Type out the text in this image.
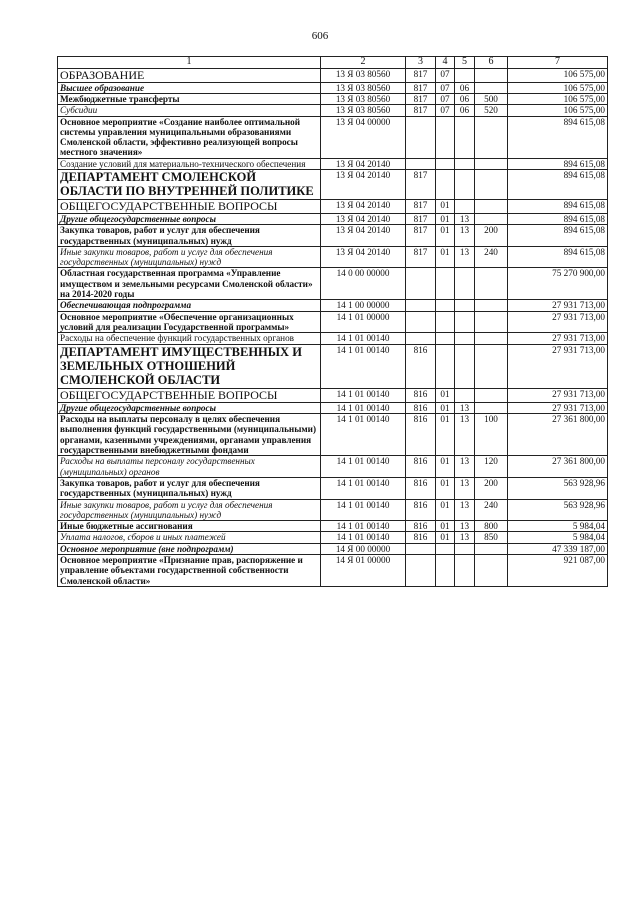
606
1	2	3	4	5	6	7
ОБРАЗОВАНИЕ	13 Я 03 80560	817	07			106 575,00
Высшее образование	13 Я 03 80560	817	07	06		106 575,00
Межбюджетные трансферты	13 Я 03 80560	817	07	06	500	106 575,00
Субсидии	13 Я 03 80560	817	07	06	520	106 575,00
Основное мероприятие «Создание наиболее оптимальной системы управления муниципальными образованиями Смоленской области, эффективно реализующей вопросы местного значения»	13 Я 04 00000					894 615,08
Создание условий для материально-технического обеспечения	13 Я 04 20140					894 615,08
ДЕПАРТАМЕНТ СМОЛЕНСКОЙ ОБЛАСТИ ПО ВНУТРЕННЕЙ ПОЛИТИКЕ	13 Я 04 20140	817				894 615,08
ОБЩЕГОСУДАРСТВЕННЫЕ ВОПРОСЫ	13 Я 04 20140	817	01			894 615,08
Другие общегосударственные вопросы	13 Я 04 20140	817	01	13		894 615,08
Закупка товаров, работ и услуг для обеспечения государственных (муниципальных) нужд	13 Я 04 20140	817	01	13	200	894 615,08
Иные закупки товаров, работ и услуг для обеспечения государственных (муниципальных) нужд	13 Я 04 20140	817	01	13	240	894 615,08
Областная государственная программа «Управление имуществом и земельными ресурсами Смоленской области» на 2014-2020 годы	14 0 00 00000					75 270 900,00
Обеспечивающая подпрограмма	14 1 00 00000					27 931 713,00
Основное мероприятие «Обеспечение организационных условий для реализации Государственной программы»	14 1 01 00000					27 931 713,00
Расходы на обеспечение функций государственных органов	14 1 01 00140					27 931 713,00
ДЕПАРТАМЕНТ ИМУЩЕСТВЕННЫХ И ЗЕМЕЛЬНЫХ ОТНОШЕНИЙ СМОЛЕНСКОЙ ОБЛАСТИ	14 1 01 00140	816				27 931 713,00
ОБЩЕГОСУДАРСТВЕННЫЕ ВОПРОСЫ	14 1 01 00140	816	01			27 931 713,00
Другие общегосударственные вопросы	14 1 01 00140	816	01	13		27 931 713,00
Расходы на выплаты персоналу в целях обеспечения выполнения функций государственными (муниципальными) органами, казенными учреждениями, органами управления государственными внебюджетными фондами	14 1 01 00140	816	01	13	100	27 361 800,00
Расходы на выплаты персоналу государственных (муниципальных) органов	14 1 01 00140	816	01	13	120	27 361 800,00
Закупка товаров, работ и услуг для обеспечения государственных (муниципальных) нужд	14 1 01 00140	816	01	13	200	563 928,96
Иные закупки товаров, работ и услуг для обеспечения государственных (муниципальных) нужд	14 1 01 00140	816	01	13	240	563 928,96
Иные бюджетные ассигнования	14 1 01 00140	816	01	13	800	5 984,04
Уплата налогов, сборов и иных платежей	14 1 01 00140	816	01	13	850	5 984,04
Основное мероприятие (вне подпрограмм)	14 Я 00 00000					47 339 187,00
Основное мероприятие «Признание прав, распоряжение и управление объектами государственной собственности Смоленской области»	14 Я 01 00000					921 087,00
